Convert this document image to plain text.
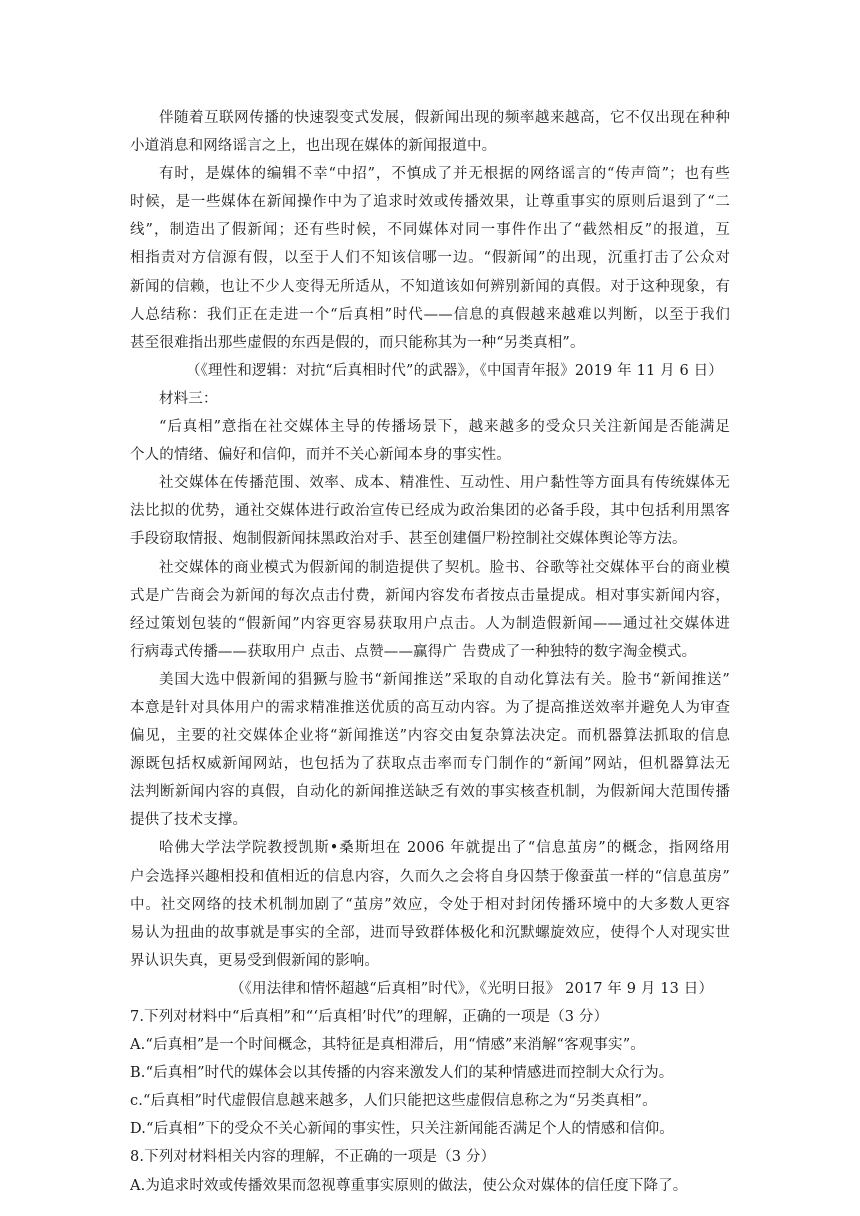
伴随着互联网传播的快速裂变式发展，假新闻出现的频率越来越高，它不仅出现在种种
小道消息和网络谣言之上，也出现在媒体的新闻报道中。
有时，是媒体的编辑不幸“中招”，不慎成了并无根据的网络谣言的“传声筒”；也有些
时候，是一些媒体在新闻操作中为了追求时效或传播效果，让尊重事实的原则后退到了“二
线”，制造出了假新闻；还有些时候，不同媒体对同一事件作出了“截然相反”的报道，互
相指责对方信源有假，以至于人们不知该信哪一边。“假新闻”的出现，沉重打击了公众对
新闻的信赖，也让不少人变得无所适从，不知道该如何辨别新闻的真假。对于这种现象，有
人总结称：我们正在走进一个“后真相”时代——信息的真假越来越难以判断，以至于我们
甚至很难指出那些虚假的东西是假的，而只能称其为一种“另类真相”。
（《理性和逻辑：对抗“后真相时代”的武器》，《中国青年报》2019 年 11 月 6 日）
材料三：
“后真相”意指在社交媒体主导的传播场景下，越来越多的受众只关注新闻是否能满足
个人的情绪、偏好和信仰，而并不关心新闻本身的事实性。
社交媒体在传播范围、效率、成本、精准性、互动性、用户黏性等方面具有传统媒体无
法比拟的优势，通社交媒体进行政治宣传已经成为政治集团的必备手段，其中包括利用黑客
手段窃取情报、炮制假新闻抹黑政治对手、甚至创建僵尸粉控制社交媒体舆论等方法。
社交媒体的商业模式为假新闻的制造提供了契机。脸书、谷歌等社交媒体平台的商业模
式是广告商会为新闻的每次点击付费，新闻内容发布者按点击量提成。相对事实新闻内容，
经过策划包装的“假新闻”内容更容易获取用户点击。人为制造假新闻——通过社交媒体进
行病毒式传播——获取用户 点击、点赞——赢得广 告费成了一种独特的数字淘金模式。
美国大选中假新闻的猖獗与脸书“新闻推送”采取的自动化算法有关。脸书“新闻推送”
本意是针对具体用户的需求精准推送优质的高互动内容。为了提高推送效率并避免人为审查
偏见，主要的社交媒体企业将“新闻推送”内容交由复杂算法决定。而机器算法抓取的信息
源既包括权威新闻网站，也包括为了获取点击率而专门制作的“新闻”网站，但机器算法无
法判断新闻内容的真假，自动化的新闻推送缺乏有效的事实核查机制，为假新闻大范围传播
提供了技术支撑。
哈佛大学法学院教授凯斯•桑斯坦在 2006 年就提出了“信息茧房”的概念，指网络用
户会选择兴趣相投和值相近的信息内容，久而久之会将自身囚禁于像蚕茧一样的“信息茧房”
中。社交网络的技术机制加剧了“茧房”效应，令处于相对封闭传播环境中的大多数人更容
易认为扭曲的故事就是事实的全部，进而导致群体极化和沉默螺旋效应，使得个人对现实世
界认识失真，更易受到假新闻的影响。
（《用法律和情怀超越“后真相”时代》，《光明日报》 2017 年 9 月 13 日）
7.下列对材料中“后真相”和“‘后真相’时代”的理解，正确的一项是（3 分）
A.“后真相”是一个时间概念，其特征是真相滞后，用“情感”来消解“客观事实”。
B.“后真相”时代的媒体会以其传播的内容来激发人们的某种情感进而控制大众行为。
c.“后真相”时代虚假信息越来越多，人们只能把这些虚假信息称之为“另类真相”。
D.“后真相”下的受众不关心新闻的事实性，只关注新闻能否满足个人的情感和信仰。
8.下列对材料相关内容的理解，不正确的一项是（3 分）
A.为追求时效或传播效果而忽视尊重事实原则的做法，使公众对媒体的信任度下降了。
